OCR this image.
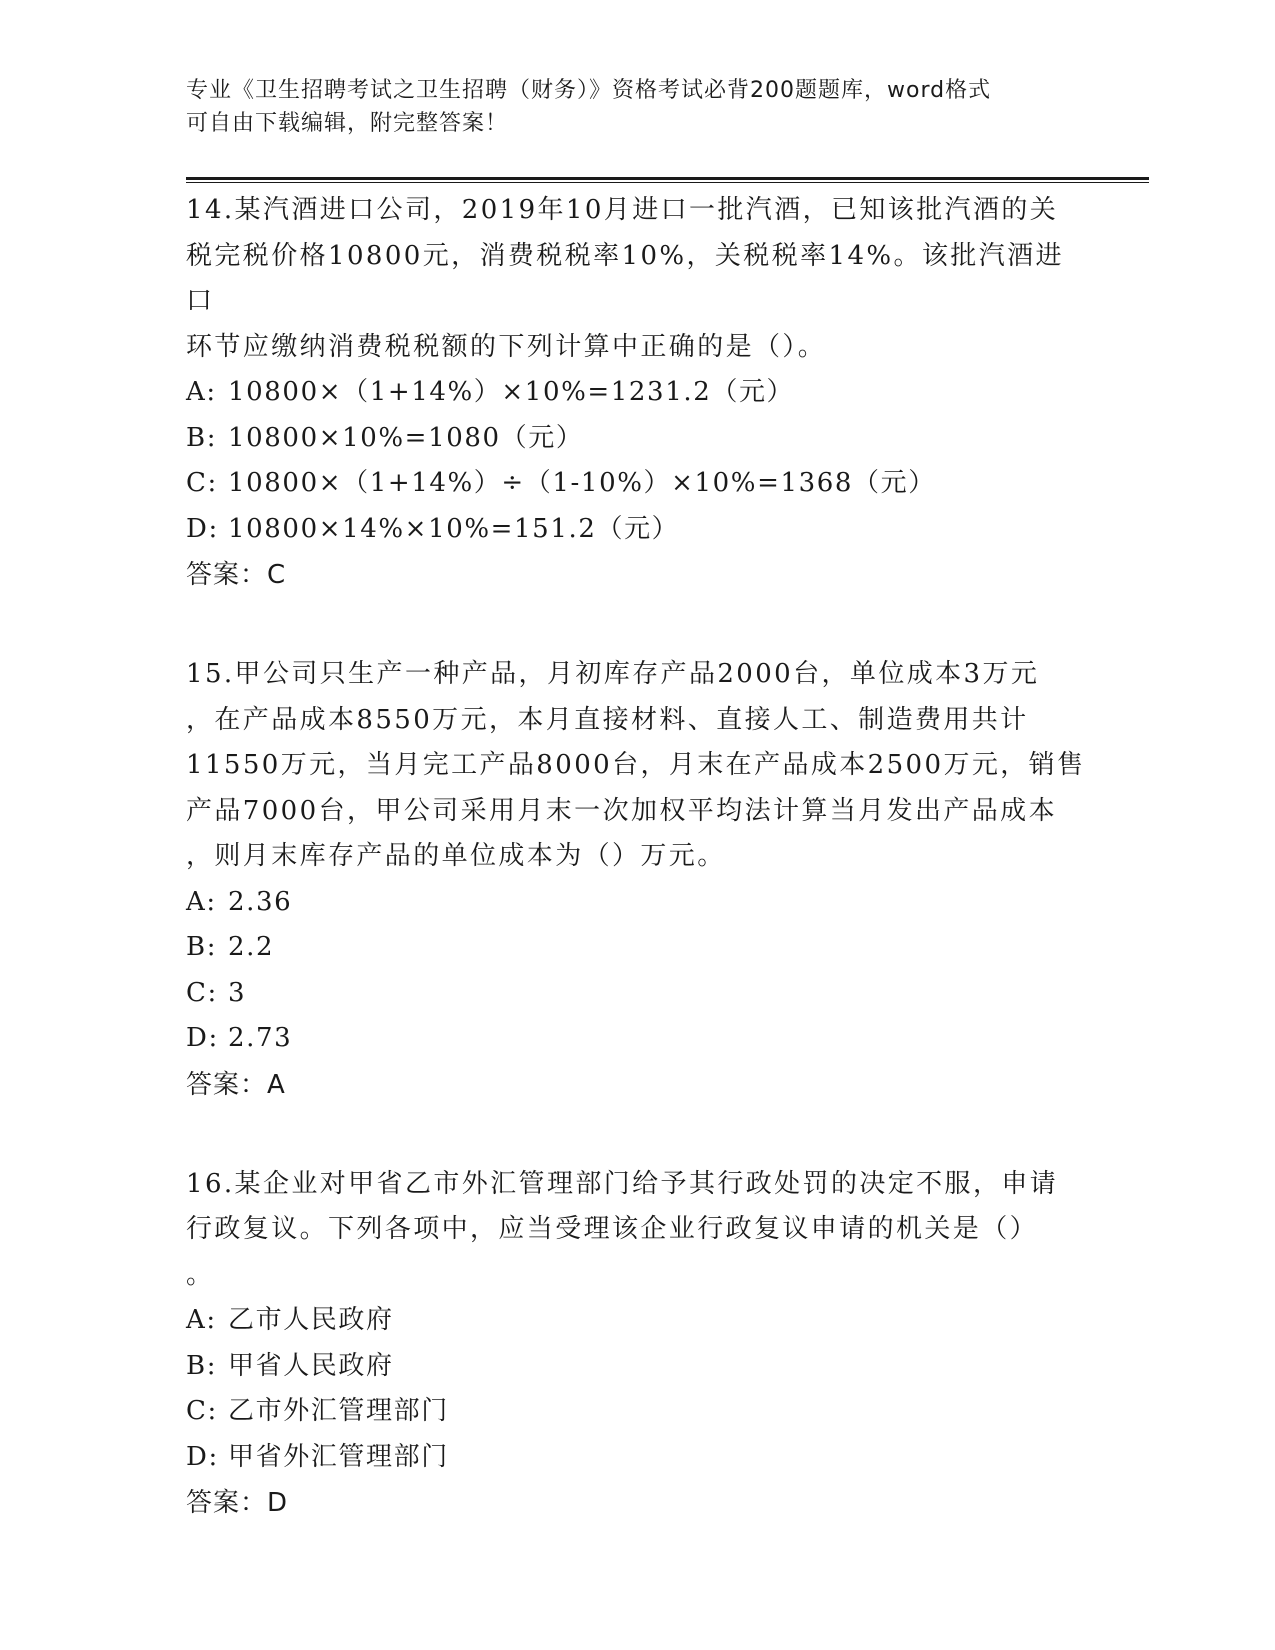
专业《卫生招聘考试之卫生招聘（财务）》资格考试必背200题题库，word格式
可自由下载编辑，附完整答案！

14.某汽酒进口公司，2019年10月进口一批汽酒，已知该批汽酒的关

税完税价格10800元，消费税税率10%，关税税率14%。该批汽酒进口

环节应缴纳消费税税额的下列计算中正确的是（）。

A: 10800×（1+14%）×10%=1231.2（元）

B: 10800×10%=1080（元）

C: 10800×（1+14%）÷（1-10%）×10%=1368（元）

D: 10800×14%×10%=151.2（元）

答案：C

15.甲公司只生产一种产品，月初库存产品2000台，单位成本3万元

，在产品成本8550万元，本月直接材料、直接人工、制造费用共计

11550万元，当月完工产品8000台，月末在产品成本2500万元，销售

产品7000台，甲公司采用月末一次加权平均法计算当月发出产品成本

，则月末库存产品的单位成本为（）万元。

A: 2.36

B: 2.2

C: 3

D: 2.73

答案：A

16.某企业对甲省乙市外汇管理部门给予其行政处罚的决定不服，申请

行政复议。下列各项中，应当受理该企业行政复议申请的机关是（）

。

A: 乙市人民政府

B: 甲省人民政府

C: 乙市外汇管理部门

D: 甲省外汇管理部门

答案：D
